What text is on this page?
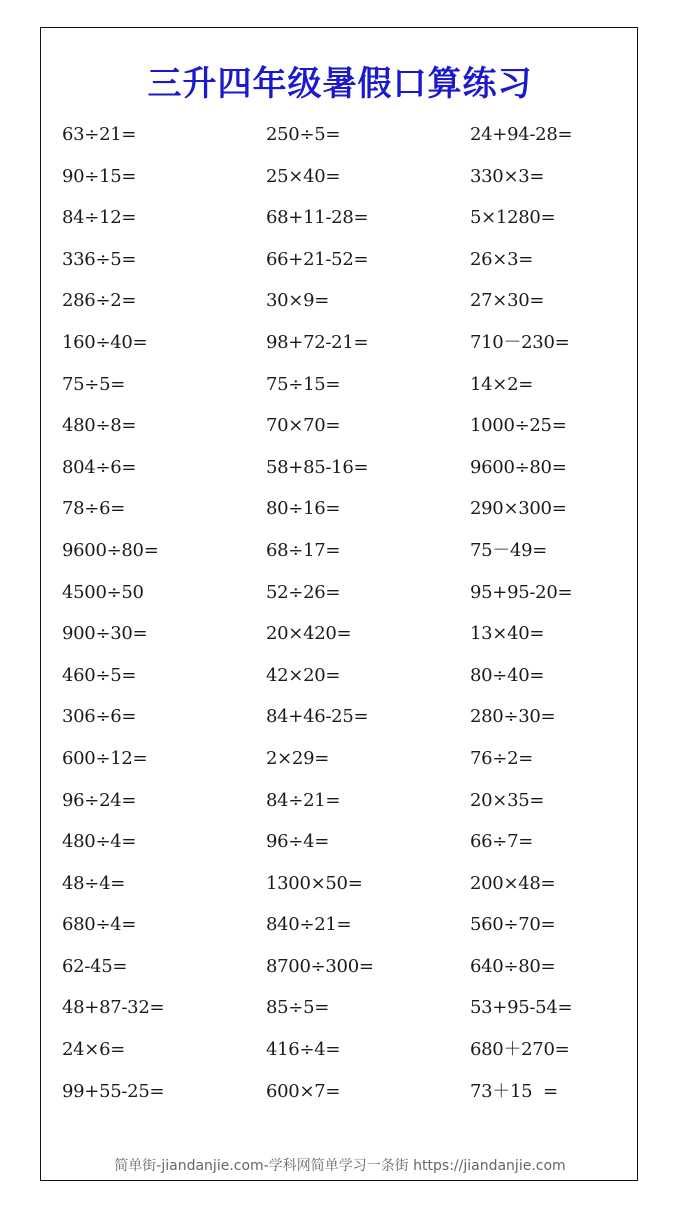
三升四年级暑假口算练习
63÷21=	250÷5=	24+94-28=
90÷15=	25×40=	330×3=
84÷12=	68+11-28=	5×1280=
336÷5=	66+21-52=	26×3=
286÷2=	30×9=	27×30=
160÷40=	98+72-21=	710－230=
75÷5=	75÷15=	14×2=
480÷8=	70×70=	1000÷25=
804÷6=	58+85-16=	9600÷80=
78÷6=	80÷16=	290×300=
9600÷80=	68÷17=	75－49=
4500÷50	52÷26=	95+95-20=
900÷30=	20×420=	13×40=
460÷5=	42×20=	80÷40=
306÷6=	84+46-25=	280÷30=
600÷12=	2×29=	76÷2=
96÷24=	84÷21=	20×35=
480÷4=	96÷4=	66÷7=
48÷4=	1300×50=	200×48=
680÷4=	840÷21=	560÷70=
62-45=	8700÷300=	640÷80=
48+87-32=	85÷5=	53+95-54=
24×6=	416÷4=	680＋270=
99+55-25=	600×7=	73＋15  =
简单街-jiandanjie.com-学科网简单学习一条街 https://jiandanjie.com
